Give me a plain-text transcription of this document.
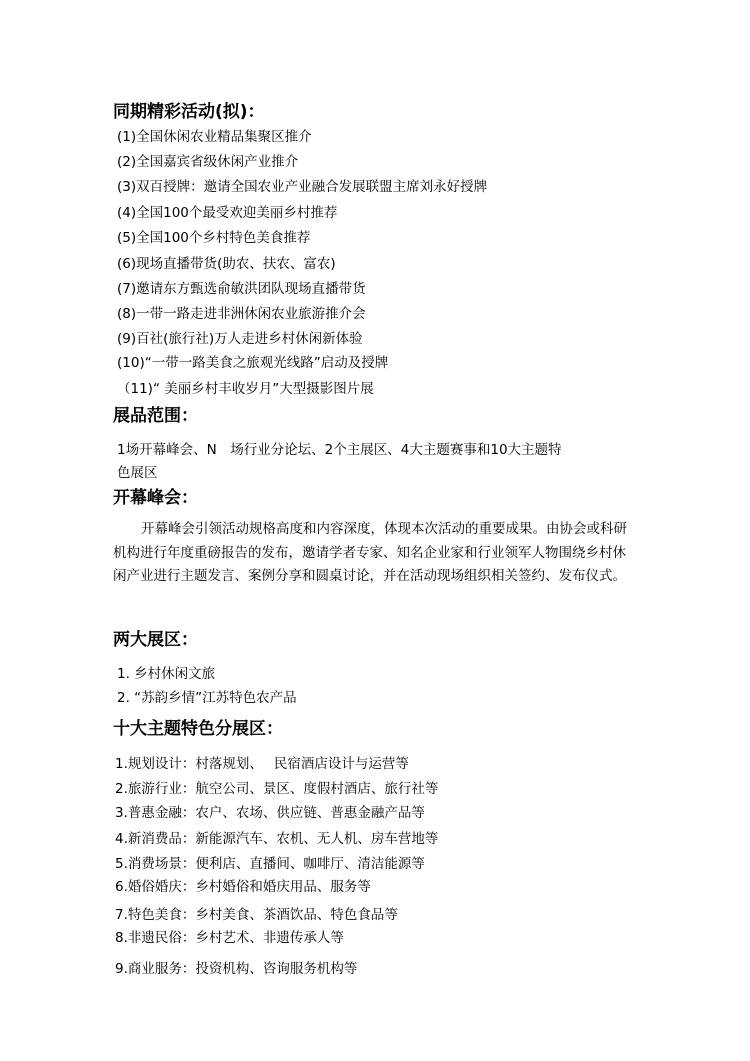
同期精彩活动(拟)：
(1)全国休闲农业精品集聚区推介
(2)全国嘉宾省级休闲产业推介
(3)双百授牌：邀请全国农业产业融合发展联盟主席刘永好授牌
(4)全国100个最受欢迎美丽乡村推荐
(5)全国100个乡村特色美食推荐
(6)现场直播带货(助农、扶农、富农)
(7)邀请东方甄选俞敏洪团队现场直播带货
(8)一带一路走进非洲休闲农业旅游推介会
(9)百社(旅行社)万人走进乡村休闲新体验
(10)“一带一路美食之旅观光线路”启动及授牌
（11)“ 美丽乡村丰收岁月”大型摄影图片展
展品范围：
1场开幕峰会、N　场行业分论坛、2个主展区、4大主题赛事和10大主题特
色展区
开幕峰会：
开幕峰会引领活动规格高度和内容深度，体现本次活动的重要成果。由协会或科研机构进行年度重磅报告的发布，邀请学者专家、知名企业家和行业领军人物围绕乡村休闲产业进行主题发言、案例分享和圆桌讨论，并在活动现场组织相关签约、发布仪式。
两大展区：
1. 乡村休闲文旅
2. “苏韵乡情”江苏特色农产品
十大主题特色分展区：
1.规划设计：村落规划、　 民宿酒店设计与运营等
2.旅游行业：航空公司、景区、度假村酒店、旅行社等
3.普惠金融：农户、农场、供应链、普惠金融产品等
4.新消费品：新能源汽车、农机、无人机、房车营地等
5.消费场景：便利店、直播间、咖啡厅、清洁能源等
6.婚俗婚庆：乡村婚俗和婚庆用品、服务等
7.特色美食：乡村美食、茶酒饮品、特色食品等
8.非遗民俗：乡村艺术、非遗传承人等
9.商业服务：投资机构、咨询服务机构等
